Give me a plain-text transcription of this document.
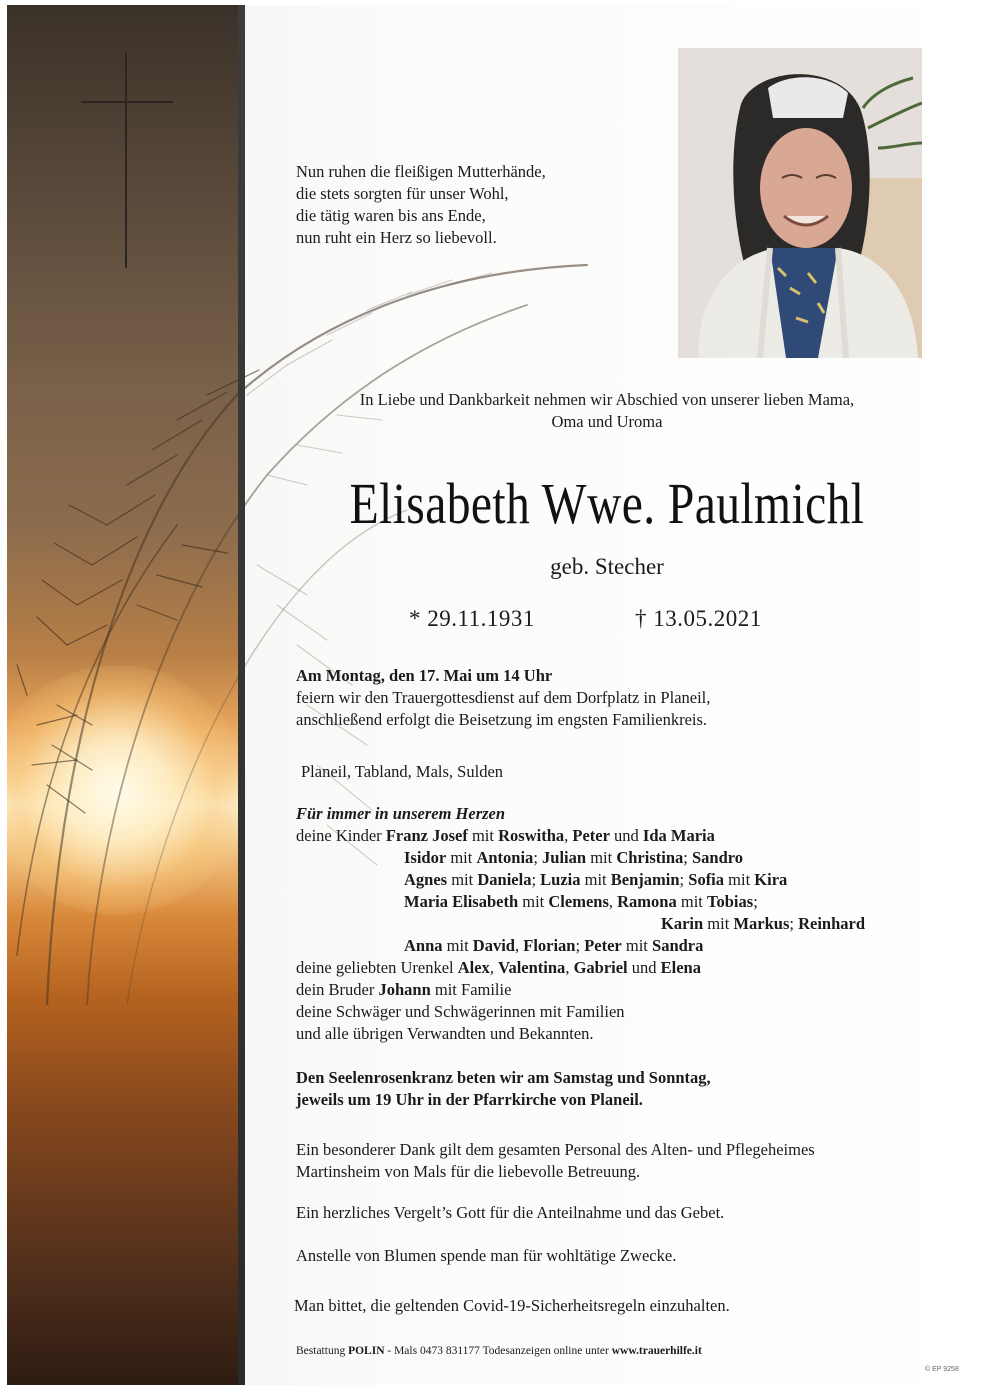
Nun ruhen die fleißigen Mutterhände,

die stets sorgten für unser Wohl,

die tätig waren bis ans Ende,

nun ruht ein Herz so liebevoll.

In Liebe und Dankbarkeit nehmen wir Abschied von unserer lieben Mama,

Oma und Uroma

Elisabeth Wwe. Paulmichl

geb. Stecher

* 29.11.1931	† 13.05.2021

Am Montag, den 17. Mai um 14 Uhr

feiern wir den Trauergottesdienst auf dem Dorfplatz in Planeil,

anschließend erfolgt die Beisetzung im engsten Familienkreis.

Planeil, Tabland, Mals, Sulden

Für immer in unserem Herzen

deine Kinder Franz Josef mit Roswitha, Peter und Ida Maria

Isidor mit Antonia; Julian mit Christina; Sandro

Agnes mit Daniela; Luzia mit Benjamin; Sofia mit Kira

Maria Elisabeth mit Clemens, Ramona mit Tobias;

Karin mit Markus; Reinhard

Anna mit David, Florian; Peter mit Sandra

deine geliebten Urenkel Alex, Valentina, Gabriel und Elena

dein Bruder Johann mit Familie

deine Schwäger und Schwägerinnen mit Familien

und alle übrigen Verwandten und Bekannten.

Den Seelenrosenkranz beten wir am Samstag und Sonntag,

jeweils um 19 Uhr in der Pfarrkirche von Planeil.

Ein besonderer Dank gilt dem gesamten Personal des Alten- und Pflegeheimes

Martinsheim von Mals für die liebevolle Betreuung.

Ein herzliches Vergelt’s Gott für die Anteilnahme und das Gebet.

Anstelle von Blumen spende man für wohltätige Zwecke.

Man bittet, die geltenden Covid-19-Sicherheitsregeln einzuhalten.

Bestattung POLIN - Mals 0473 831177 Todesanzeigen online unter www.trauerhilfe.it

© EP 9258
